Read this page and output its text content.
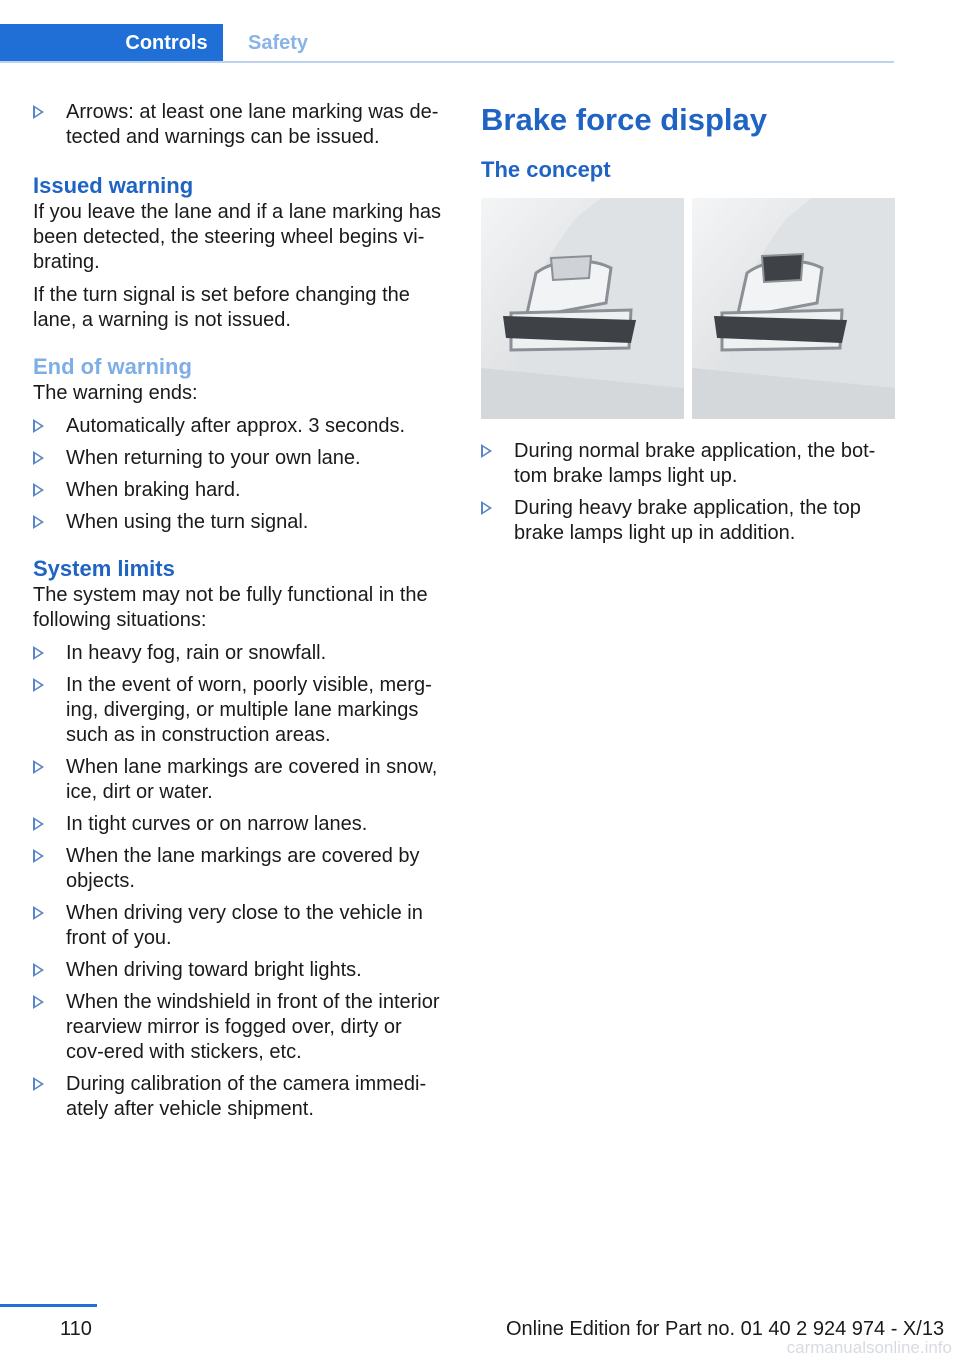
Controls Safety
Arrows: at least one lane marking was de-tected and warnings can be issued.
Issued warning

If you leave the lane and if a lane marking has been detected, the steering wheel begins vi-brating.

If the turn signal is set before changing the lane, a warning is not issued.

End of warning

The warning ends:

Automatically after approx. 3 seconds.
When returning to your own lane.
When braking hard.
When using the turn signal.
System limits

The system may not be fully functional in the following situations:

In heavy fog, rain or snowfall.
In the event of worn, poorly visible, merg-ing, diverging, or multiple lane markings such as in construction areas.
When lane markings are covered in snow, ice, dirt or water.
In tight curves or on narrow lanes.
When the lane markings are covered by objects.
When driving very close to the vehicle in front of you.
When driving toward bright lights.
When the windshield in front of the interior rearview mirror is fogged over, dirty or cov-ered with stickers, etc.
During calibration of the camera immedi-ately after vehicle shipment.
Brake force display
The concept
During normal brake application, the bot-tom brake lamps light up.
During heavy brake application, the top brake lamps light up in addition.
110	Online Edition for Part no. 01 40 2 924 974 - X/13
carmanualsonline.info
